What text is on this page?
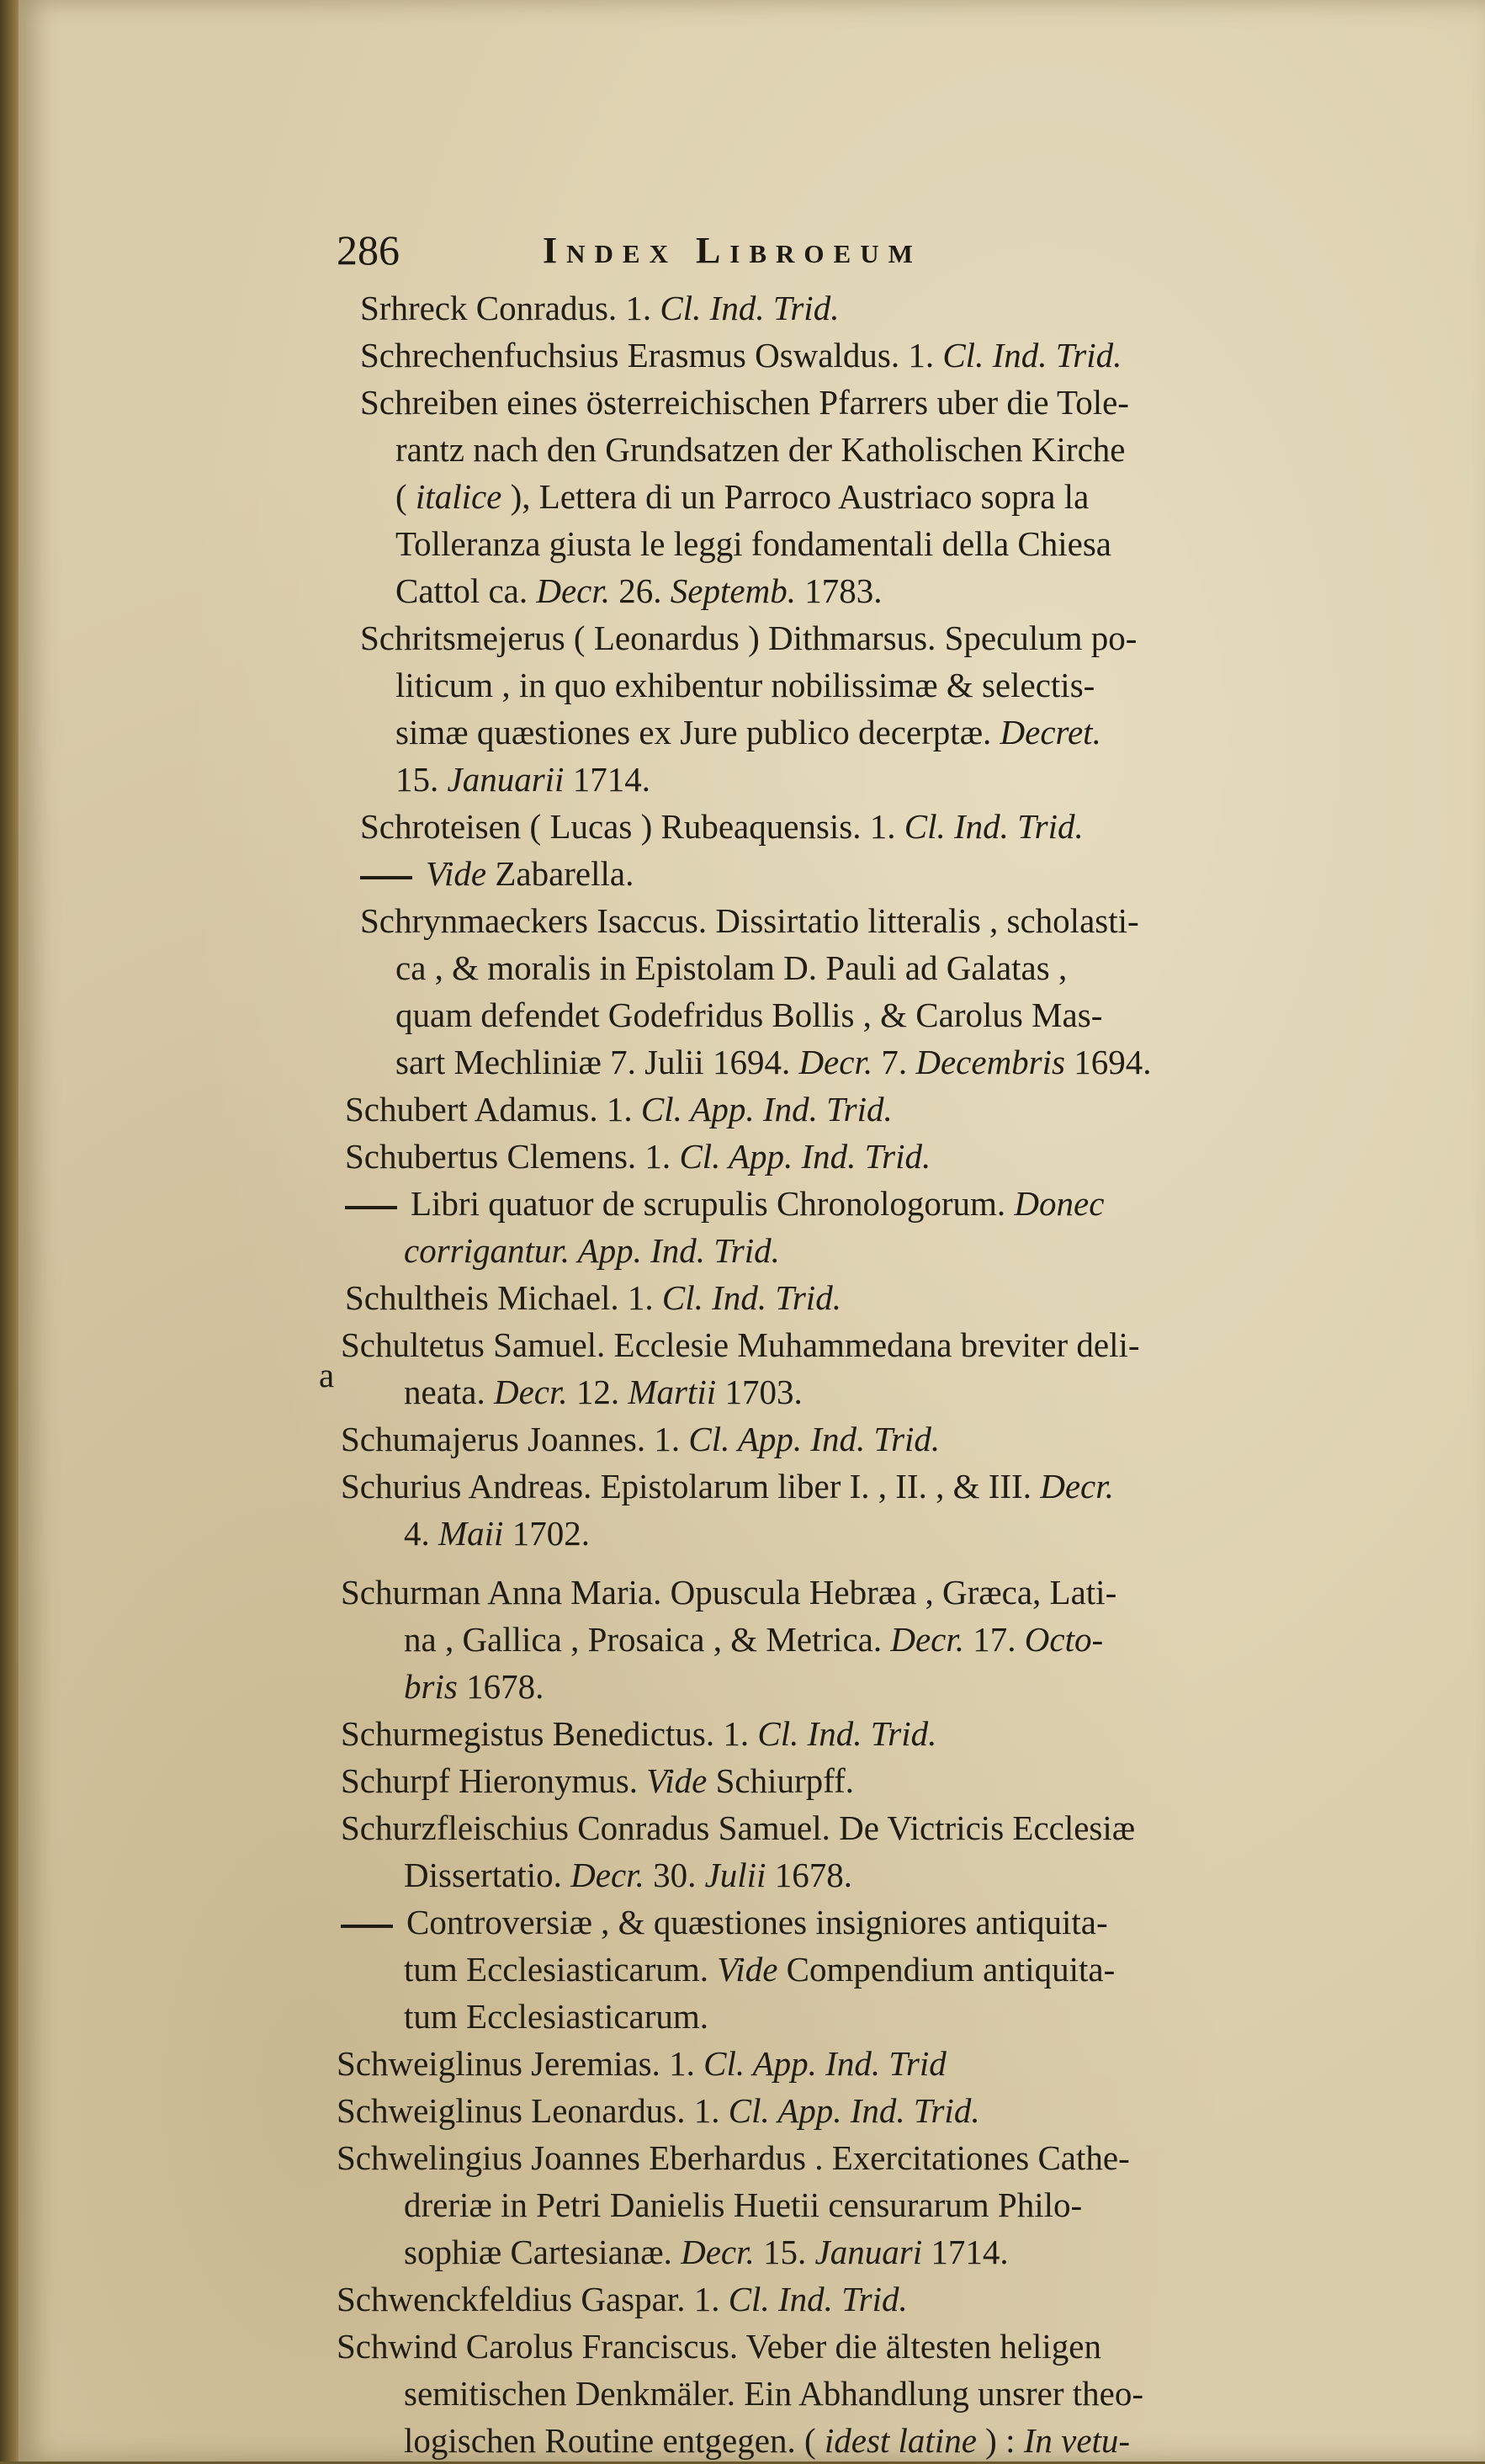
286	Index Libroeum
a
Srhreck Conradus. 1. Cl. Ind. Trid.
Schrechenfuchsius Erasmus Oswaldus. 1. Cl. Ind. Trid.
Schreiben eines österreichischen Pfarrers uber die Tole-
rantz nach den Grundsatzen der Katholischen Kirche
( italice ), Lettera di un Parroco Austriaco sopra la
Tolleranza giusta le leggi fondamentali della Chiesa
Cattol ca. Decr. 26. Septemb. 1783.
Schritsmejerus ( Leonardus ) Dithmarsus. Speculum po-
liticum , in quo exhibentur nobilissimæ & selectis-
simæ quæstiones ex Jure publico decerptæ. Decret.
15. Januarii 1714.
Schroteisen ( Lucas ) Rubeaquensis. 1. Cl. Ind. Trid.
Vide Zabarella.
Schrynmaeckers Isaccus. Dissirtatio litteralis , scholasti-
ca , & moralis in Epistolam D. Pauli ad Galatas ,
quam defendet Godefridus Bollis , & Carolus Mas-
sart Mechliniæ 7. Julii 1694. Decr. 7. Decembris 1694.
Schubert Adamus. 1. Cl. App. Ind. Trid.
Schubertus Clemens. 1. Cl. App. Ind. Trid.
Libri quatuor de scrupulis Chronologorum. Donec
corrigantur. App. Ind. Trid.
Schultheis Michael. 1. Cl. Ind. Trid.
Schultetus Samuel. Ecclesie Muhammedana breviter deli-
neata. Decr. 12. Martii 1703.
Schumajerus Joannes. 1. Cl. App. Ind. Trid.
Schurius Andreas. Epistolarum liber I. , II. , & III. Decr.
4. Maii 1702.
Schurman Anna Maria. Opuscula Hebræa , Græca, Lati-
na , Gallica , Prosaica , & Metrica. Decr. 17. Octo-
bris 1678.
Schurmegistus Benedictus. 1. Cl. Ind. Trid.
Schurpf Hieronymus. Vide Schiurpff.
Schurzfleischius Conradus Samuel. De Victricis Ecclesiæ
Dissertatio. Decr. 30. Julii 1678.
Controversiæ , & quæstiones insigniores antiquita-
tum Ecclesiasticarum. Vide Compendium antiquita-
tum Ecclesiasticarum.
Schweiglinus Jeremias. 1. Cl. App. Ind. Trid
Schweiglinus Leonardus. 1. Cl. App. Ind. Trid.
Schwelingius Joannes Eberhardus . Exercitationes Cathe-
dreriæ in Petri Danielis Huetii censurarum Philo-
sophiæ Cartesianæ. Decr. 15. Januari 1714.
Schwenckfeldius Gaspar. 1. Cl. Ind. Trid.
Schwind Carolus Franciscus. Veber die ältesten heligen
semitischen Denkmäler. Ein Abhandlung unsrer theo-
logischen Routine entgegen. ( idest latine ) : In vetu-
